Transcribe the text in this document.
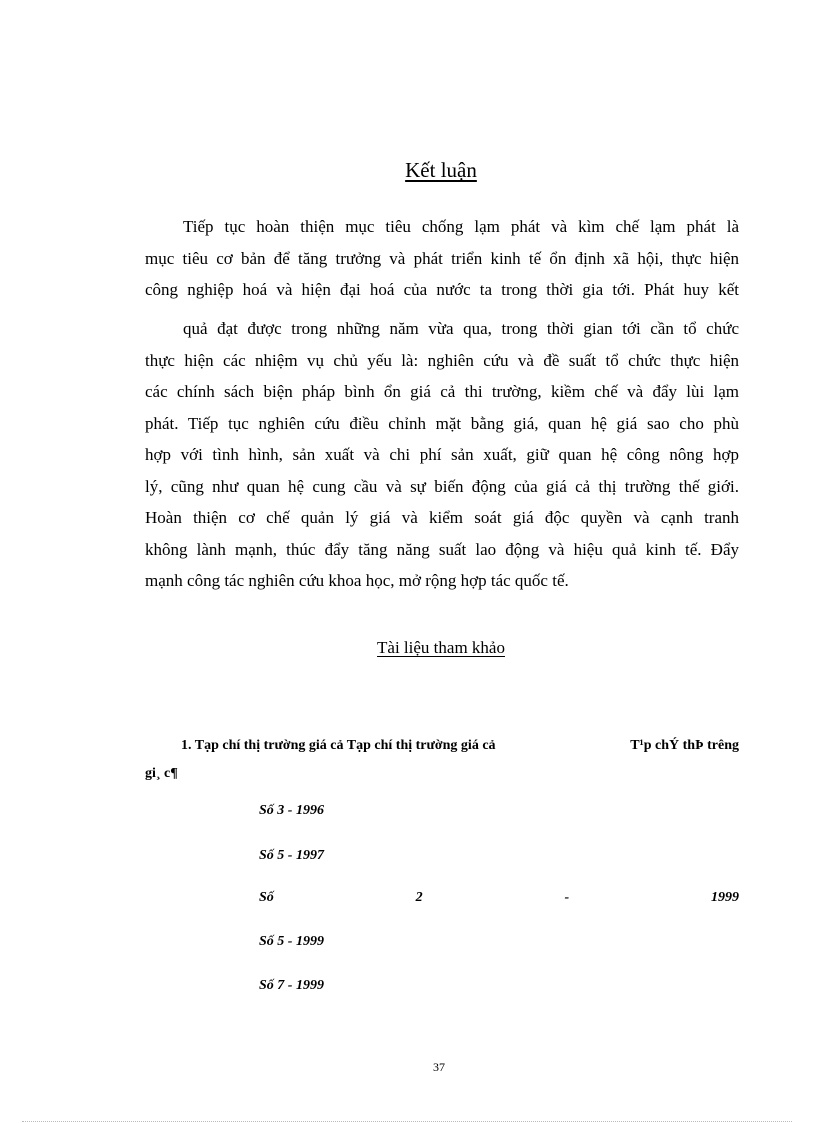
Kết luận
Tiếp tục hoàn thiện mục tiêu chống lạm phát và kìm chế lạm phát là
mục tiêu cơ bản để tăng trưởng và phát triển kinh tế ổn định xã hội, thực hiện
công nghiệp hoá và hiện đại hoá của nước ta trong thời gia tới. Phát huy kết
quả đạt được trong những năm vừa qua, trong thời gian tới cần tổ chức
thực hiện các nhiệm vụ chủ yếu là: nghiên cứu và đề suất tổ chức thực hiện
các chính sách biện pháp bình ổn giá cả thi trường, kiềm chế và đẩy lùi lạm
phát. Tiếp tục nghiên cứu điều chỉnh mặt bằng giá, quan hệ giá sao cho phù
hợp với tình hình, sản xuất và chi phí sản xuất, giữ quan hệ công nông hợp
lý, cũng như quan hệ cung cầu và sự biến động của giá cả thị trường thế giới.
Hoàn thiện cơ chế quản lý giá và kiểm soát giá độc quyền và cạnh tranh
không lành mạnh, thúc đẩy tăng năng suất lao động và hiệu quả kinh tế. Đẩy
mạnh công tác nghiên cứu khoa học, mở rộng hợp tác quốc tế.
Tài liệu tham khảo
1. Tạp chí thị trường giá cả Tạp chí thị trường giá cả	T¹p chÝ thÞ trêng
gi¸ c¶
Số 3 - 1996
Số 5 - 1997
Số	2	-	1999
Số 5 - 1999
Số 7 - 1999
37
